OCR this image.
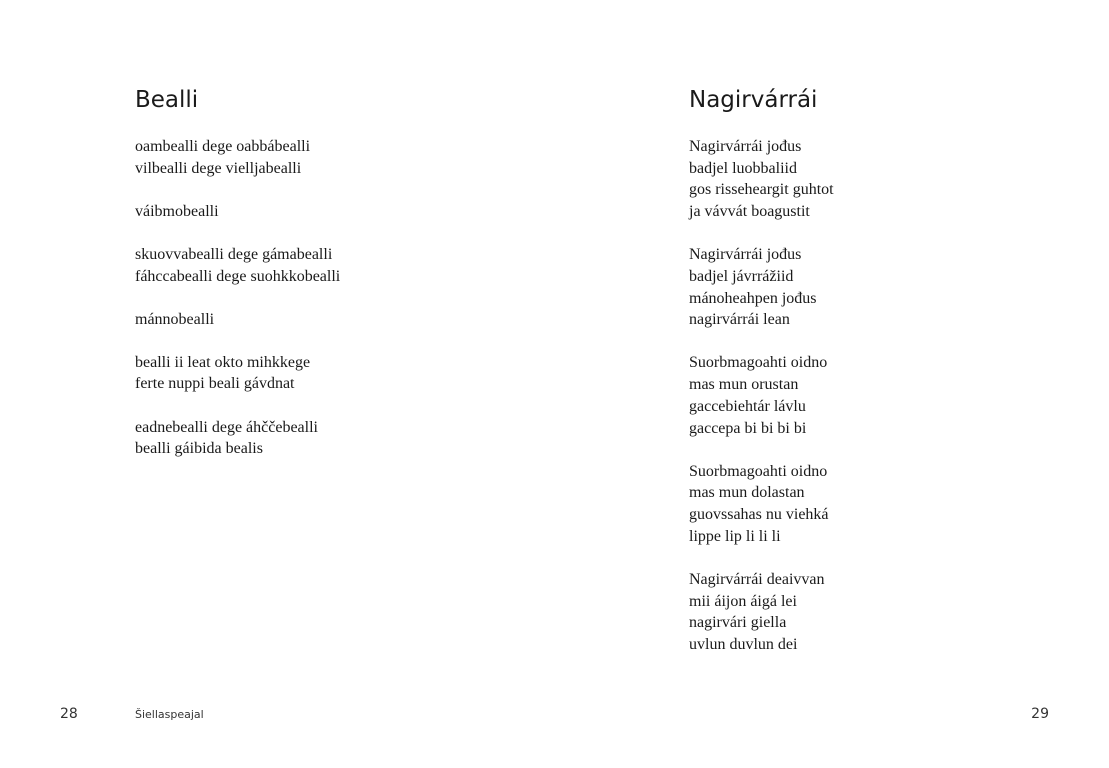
Bealli

oambealli dege oabbábealli
vilbealli dege vielljabealli

váibmobealli

skuovvabealli dege gámabealli
fáhccabealli dege suohkkobealli

mánnobealli

bealli ii leat okto mihkkege
ferte nuppi beali gávdnat

eadnebealli dege áhččebealli
bealli gáibida bealis

28	Šiellaspeajal
Nagirvárrái

Nagirvárrái jođus
badjel luobbaliid
gos risseheargit guhtot
ja vávvát boagustit

Nagirvárrái jođus
badjel jávrrážiid
mánoheahpen jođus
nagirvárrái lean

Suorbmagoahti oidno
mas mun orustan
gaccebiehtár lávlu
gaccepa bi bi bi bi

Suorbmagoahti oidno
mas mun dolastan
guovssahas nu viehká
lippe lip li li li

Nagirvárrái deaivvan
mii áijon áigá lei
nagirvári giella
uvlun duvlun dei

29
